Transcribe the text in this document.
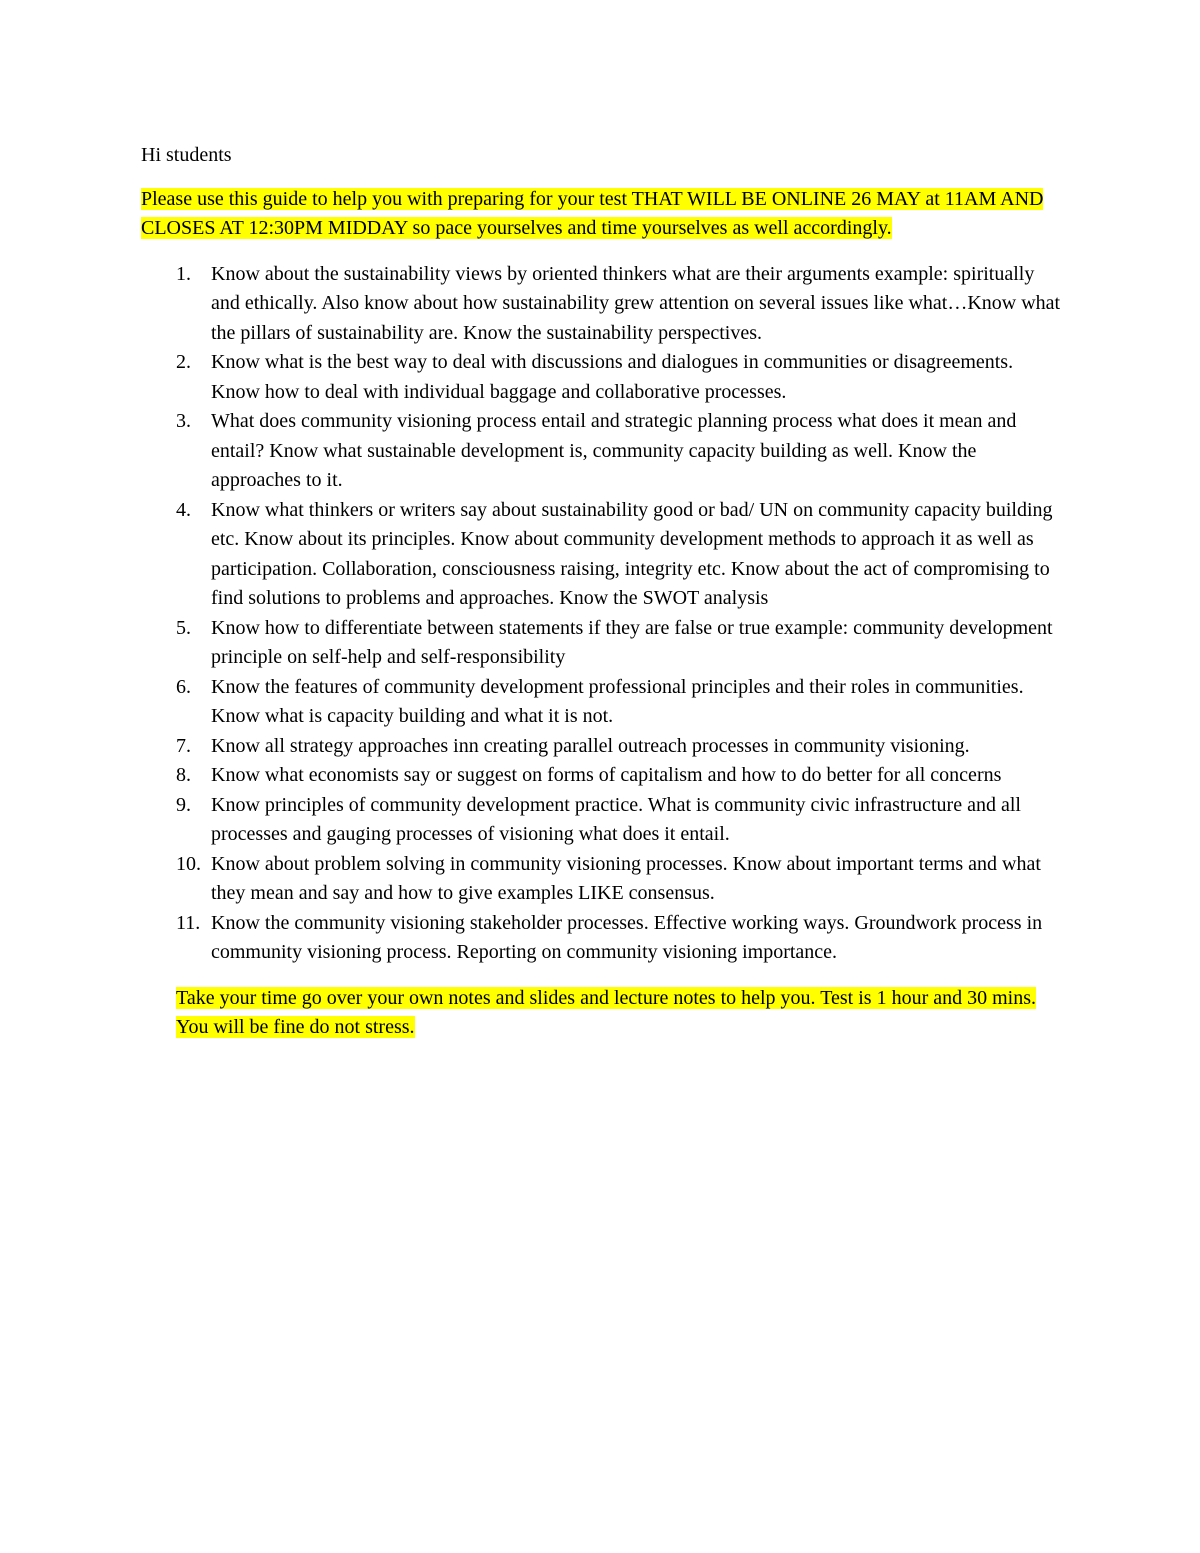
Hi students

Please use this guide to help you with preparing for your test THAT WILL BE ONLINE 26 MAY at 11AM AND CLOSES AT 12:30PM MIDDAY so pace yourselves and time yourselves as well accordingly.

1. Know about the sustainability views by oriented thinkers what are their arguments example: spiritually and ethically. Also know about how sustainability grew attention on several issues like what…Know what the pillars of sustainability are. Know the sustainability perspectives.
2. Know what is the best way to deal with discussions and dialogues in communities or disagreements. Know how to deal with individual baggage and collaborative processes.
3. What does community visioning process entail and strategic planning process what does it mean and entail? Know what sustainable development is, community capacity building as well. Know the approaches to it.
4. Know what thinkers or writers say about sustainability good or bad/ UN on community capacity building etc. Know about its principles. Know about community development methods to approach it as well as participation. Collaboration, consciousness raising, integrity etc. Know about the act of compromising to find solutions to problems and approaches. Know the SWOT analysis
5. Know how to differentiate between statements if they are false or true example: community development principle on self-help and self-responsibility
6. Know the features of community development professional principles and their roles in communities. Know what is capacity building and what it is not.
7. Know all strategy approaches inn creating parallel outreach processes in community visioning.
8. Know what economists say or suggest on forms of capitalism and how to do better for all concerns
9. Know principles of community development practice. What is community civic infrastructure and all processes and gauging processes of visioning what does it entail.
10. Know about problem solving in community visioning processes. Know about important terms and what they mean and say and how to give examples LIKE consensus.
11. Know the community visioning stakeholder processes. Effective working ways. Groundwork process in community visioning process. Reporting on community visioning importance.

Take your time go over your own notes and slides and lecture notes to help you. Test is 1 hour and 30 mins. You will be fine do not stress.
